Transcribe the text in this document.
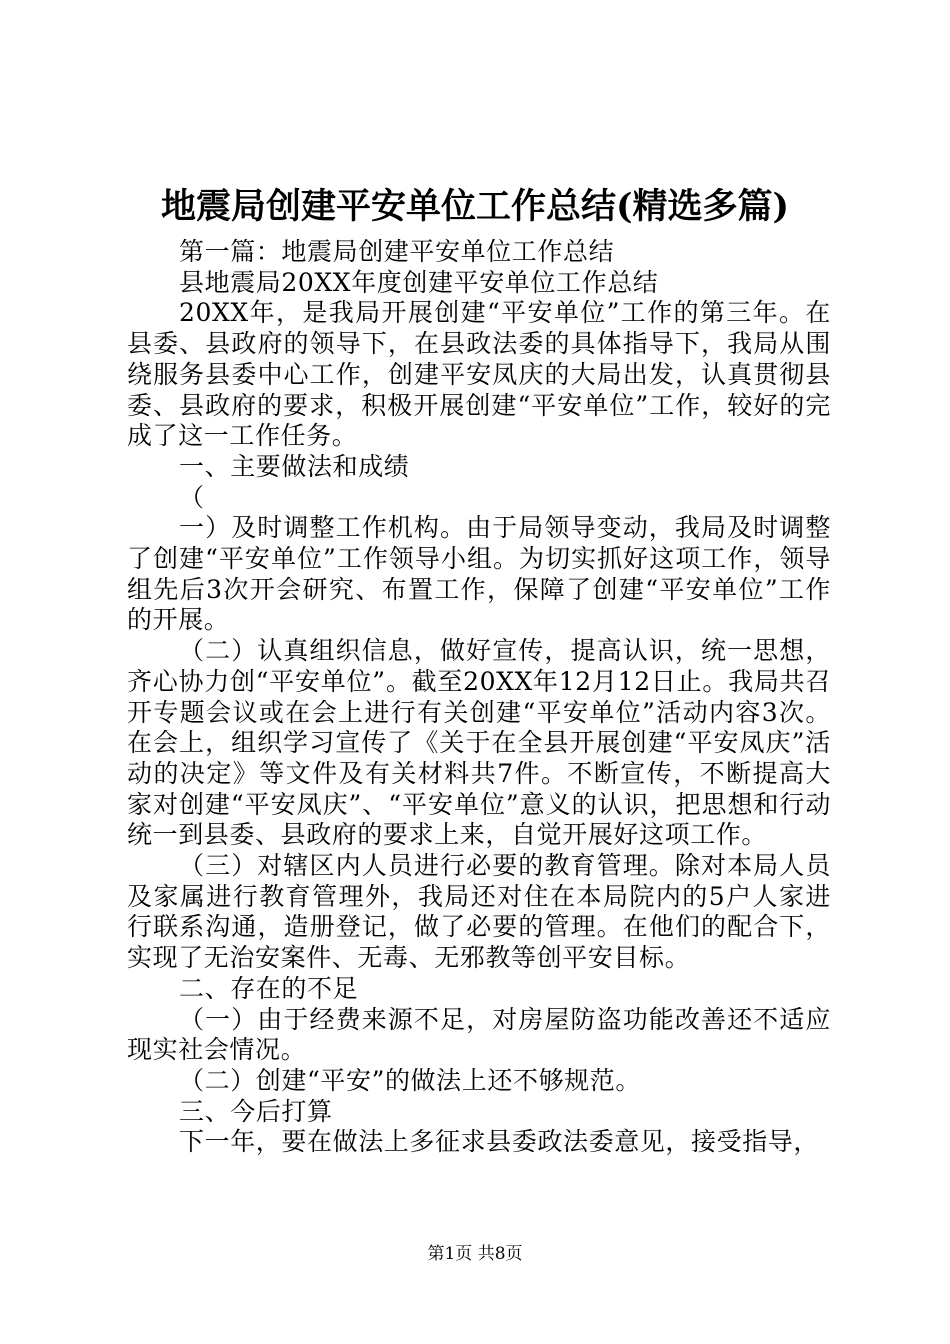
地震局创建平安单位工作总结(精选多篇)

第一篇：地震局创建平安单位工作总结

县地震局20XX年度创建平安单位工作总结

20XX年，是我局开展创建“平安单位”工作的第三年。在县委、县政府的领导下，在县政法委的具体指导下，我局从围绕服务县委中心工作，创建平安凤庆的大局出发，认真贯彻县委、县政府的要求，积极开展创建“平安单位”工作，较好的完成了这一工作任务。

一、主要做法和成绩

（

一）及时调整工作机构。由于局领导变动，我局及时调整了创建“平安单位”工作领导小组。为切实抓好这项工作，领导组先后3次开会研究、布置工作，保障了创建“平安单位”工作的开展。

（二）认真组织信息，做好宣传，提高认识，统一思想，齐心协力创“平安单位”。截至20XX年12月12日止。我局共召开专题会议或在会上进行有关创建“平安单位”活动内容3次。在会上，组织学习宣传了《关于在全县开展创建“平安凤庆”活动的决定》等文件及有关材料共7件。不断宣传，不断提高大家对创建“平安凤庆”、“平安单位”意义的认识，把思想和行动统一到县委、县政府的要求上来，自觉开展好这项工作。

（三）对辖区内人员进行必要的教育管理。除对本局人员及家属进行教育管理外，我局还对住在本局院内的5户人家进行联系沟通，造册登记，做了必要的管理。在他们的配合下，实现了无治安案件、无毒、无邪教等创平安目标。

二、存在的不足

（一）由于经费来源不足，对房屋防盗功能改善还不适应现实社会情况。

（二）创建“平安”的做法上还不够规范。

三、今后打算

下一年，要在做法上多征求县委政法委意见，接受指导，

第1页 共8页
